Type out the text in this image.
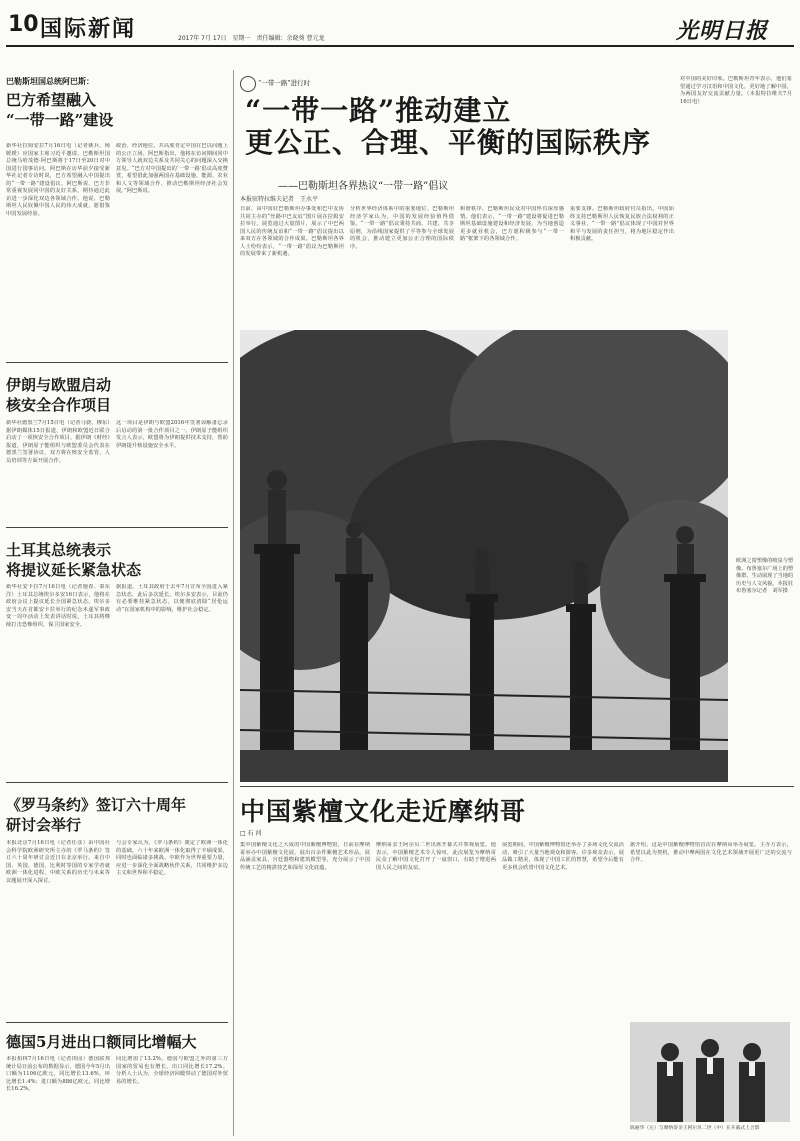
10 国际新闻	2017年 7月 17日　星期一　责任编辑：余晓葵 曹元龙	光明日报
巴勒斯坦国总统阿巴斯：
巴方希望融入
“一带一路”建设
新华社拉姆安拉7月16日电（记者姚兵、杨媛媛）应国家主席习近平邀请，巴勒斯坦国总统马哈茂德·阿巴斯将于17日至20日对中国进行国事访问。阿巴斯在访华前夕接受新华社记者专访时说，巴方希望融入中国提出的“一带一路”建设倡议。阿巴斯说，巴方非常重视发展同中国的友好关系，期待通过此访进一步深化双边各领域合作。他说，巴勒斯坦人民钦佩中国人民的伟大成就，愿借鉴中国发展经验。
政治、经济地位，并高度肯定中国在巴以问题上的公正立场。阿巴斯指出，他将在访问期间同中方领导人就双边关系及共同关心的问题深入交换意见。“巴方对中国提出的‘一带一路’倡议高度赞赏，希望借此加强两国在基础设施、能源、农业和人文等领域合作，推动巴勒斯坦经济社会发展。”阿巴斯说。
伊朗与欧盟启动
核安全合作项目
新华社德黑兰7月15日电（记者马骁、穆东）据伊朗媒体15日报道，伊朗和欧盟近日联合启动了一项核安全合作项目。据伊朗《财经》报道，伊朗原子能组织与欧盟委员会代表在德黑兰签署协议，双方将在核安全监管、人员培训等方面开展合作。
这一项目是伊朗与欧盟2016年签署谅解备忘录后启动的第一批合作项目之一。伊朗原子能组织发言人表示，欧盟将为伊朗提供技术支持，帮助伊朗提升核设施安全水平。
土耳其总统表示
将提议延长紧急状态
新华社安卡拉7月16日电（记者施春、秦东洋）土耳其总统埃尔多安16日表示，他将在政府会议上提议延长全国紧急状态。埃尔多安当天在首都安卡拉举行的纪念未遂军事政变一周年活动上发表讲话时说，土耳其将继续打击恐怖组织，保卫国家安全。
据报道，土耳其政府于去年7月宣布全国进入紧急状态，此后多次延长。埃尔多安表示，目前仍有必要维持紧急状态，以便彻底清除“居伦运动”在国家机构中的影响，维护社会稳定。
《罗马条约》签订六十周年
研讨会举行
本报北京7月16日电（记者任彦）由中国社会科学院欧洲研究所主办的《罗马条约》签订六十周年研讨会近日在北京举行。来自中国、英国、德国、比利时等国的专家学者就欧洲一体化进程、中欧关系的历史与未来等议题展开深入探讨。
与会专家认为，《罗马条约》奠定了欧洲一体化的基础，六十年来欧洲一体化取得了丰硕成果，同时也面临诸多挑战。中欧作为世界重要力量，应进一步深化全面战略伙伴关系，共同维护多边主义和世界和平稳定。
德国5月进出口额同比增幅大
本报柏林7月16日电（记者田园）德国联邦统计局日前公布的数据显示，德国今年5月出口额为1106亿欧元，同比增长13.6%，环比增长1.4%；进口额为886亿欧元，同比增长16.2%。
同比增加了13.2%。德国与欧盟之外的第三方国家的贸易也有增长，出口同比增长17.2%。分析人士认为，全球经济回暖带动了德国对外贸易的增长。
“一带一路”进行时
“一带一路”推动建立
更公正、合理、平衡的国际秩序
——巴勒斯坦各界热议“一带一路”倡议
本报驻特拉维夫记者　王水平
日前，由中国驻巴勒斯坦办事处和巴中友协共同主办的“丝路中巴友谊”图片展在拉姆安拉举行。展览通过大量图片，展示了中巴两国人民的传统友谊和“一带一路”倡议提出以来双方在各领域的合作成果。巴勒斯坦各界人士纷纷表示，“一带一路”倡议为巴勒斯坦的发展带来了新机遇。
分析世界经济体系中的重要地位。巴勒斯坦经济学家认为，中国的发展经验值得借鉴。“一带一路”倡议秉持共商、共建、共享原则，为沿线国家提供了平等参与全球发展的机会，推动建立更加公正合理的国际秩序。
和谐秩序。巴勒斯坦民众对中国怀有深厚感情。他们表示，“一带一路”建设将促进巴勒斯坦基础设施建设和经济发展，为当地创造更多就业机会，巴方愿积极参与“一带一路”框架下的各领域合作。
重要支撑。巴勒斯坦政府官员指出，中国始终支持巴勒斯坦人民恢复民族合法权利的正义事业，“一带一路”倡议体现了中国对世界和平与发展的责任担当，将为地区稳定作出积极贡献。
对中国的美好印象。巴勒斯坦青年表示，他们希望通过学习汉语和中国文化，更好地了解中国，为两国友好交流贡献力量。（本报特拉维夫7月16日电）
欧洲之窗塑像的喷泉与塑像。布鲁塞尔广场上的塑像群，生动展现了当地的历史与人文风貌。本报驻布鲁塞尔记者　刘军摄
中国紫檀文化走近摩纳哥
□ 石 河
集中国紫檀文化之大成的中国紫檀博物馆，日前在摩纳哥举办中国紫檀文化展，展出百余件紫檀艺术珍品。展品涵盖家具、宫廷器物和建筑模型等，充分展示了中国传统工艺的精湛技艺和深厚文化底蕴。
摩纳哥亲王阿尔贝二世出席开幕式并参观展览。他表示，中国紫檀艺术令人惊叹，此次展览为摩纳哥民众了解中国文化打开了一扇窗口，有助于增进两国人民之间的友谊。
展览期间，中国紫檀博物馆还举办了多场文化交流活动，吸引了大量当地观众和游客。许多观众表示，展品做工精美，体现了中国工匠的智慧，希望今后能有更多机会欣赏中国文化艺术。
据介绍，这是中国紫檀博物馆首次在摩纳哥举办展览。主办方表示，希望以此为契机，推动中摩两国在文化艺术领域开展更广泛的交流与合作。
陈丽华（左）与摩纳哥亲王阿尔贝二世（中）在开幕式上合影
